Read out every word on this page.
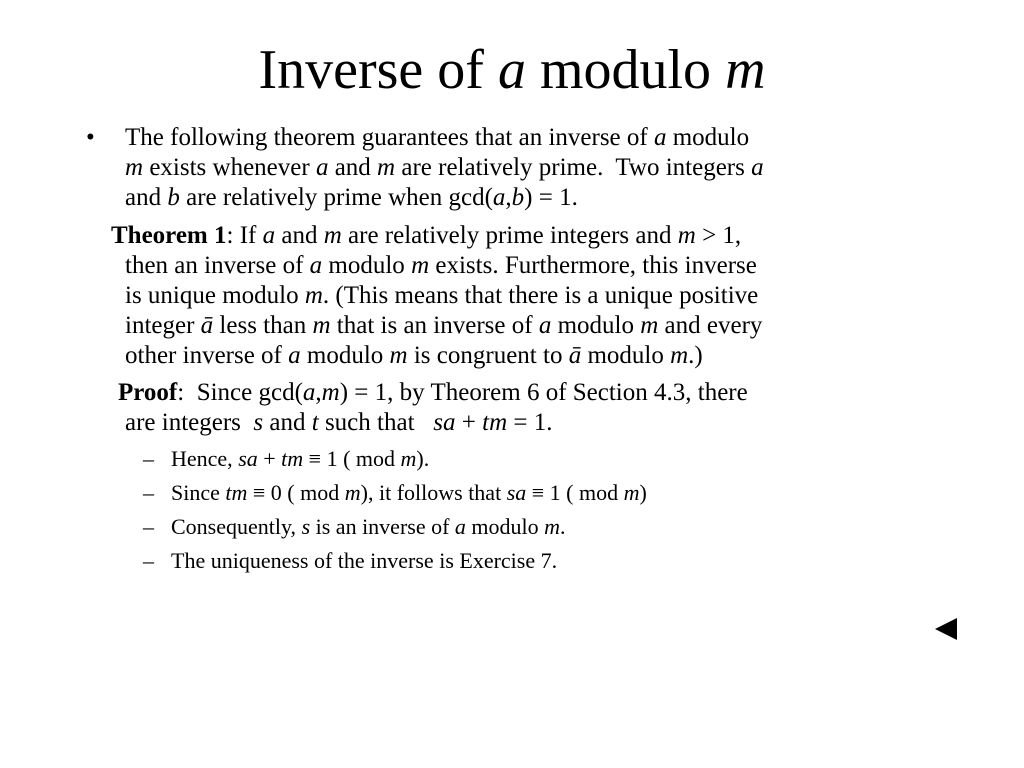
Inverse of a modulo m
• The following theorem guarantees that an inverse of a modulo
m exists whenever a and m are relatively prime.  Two integers a
and b are relatively prime when gcd(a,b) = 1.
Theorem 1: If a and m are relatively prime integers and m > 1,
then an inverse of a modulo m exists. Furthermore, this inverse
is unique modulo m. (This means that there is a unique positive
integer ā less than m that is an inverse of a modulo m and every
other inverse of a modulo m is congruent to ā modulo m.)
Proof:  Since gcd(a,m) = 1, by Theorem 6 of Section 4.3, there
are integers  s and t such that   sa + tm = 1.
– Hence, sa + tm ≡ 1 ( mod m).
– Since tm ≡ 0 ( mod m), it follows that sa ≡ 1 ( mod m)
– Consequently, s is an inverse of a modulo m.
– The uniqueness of the inverse is Exercise 7.
